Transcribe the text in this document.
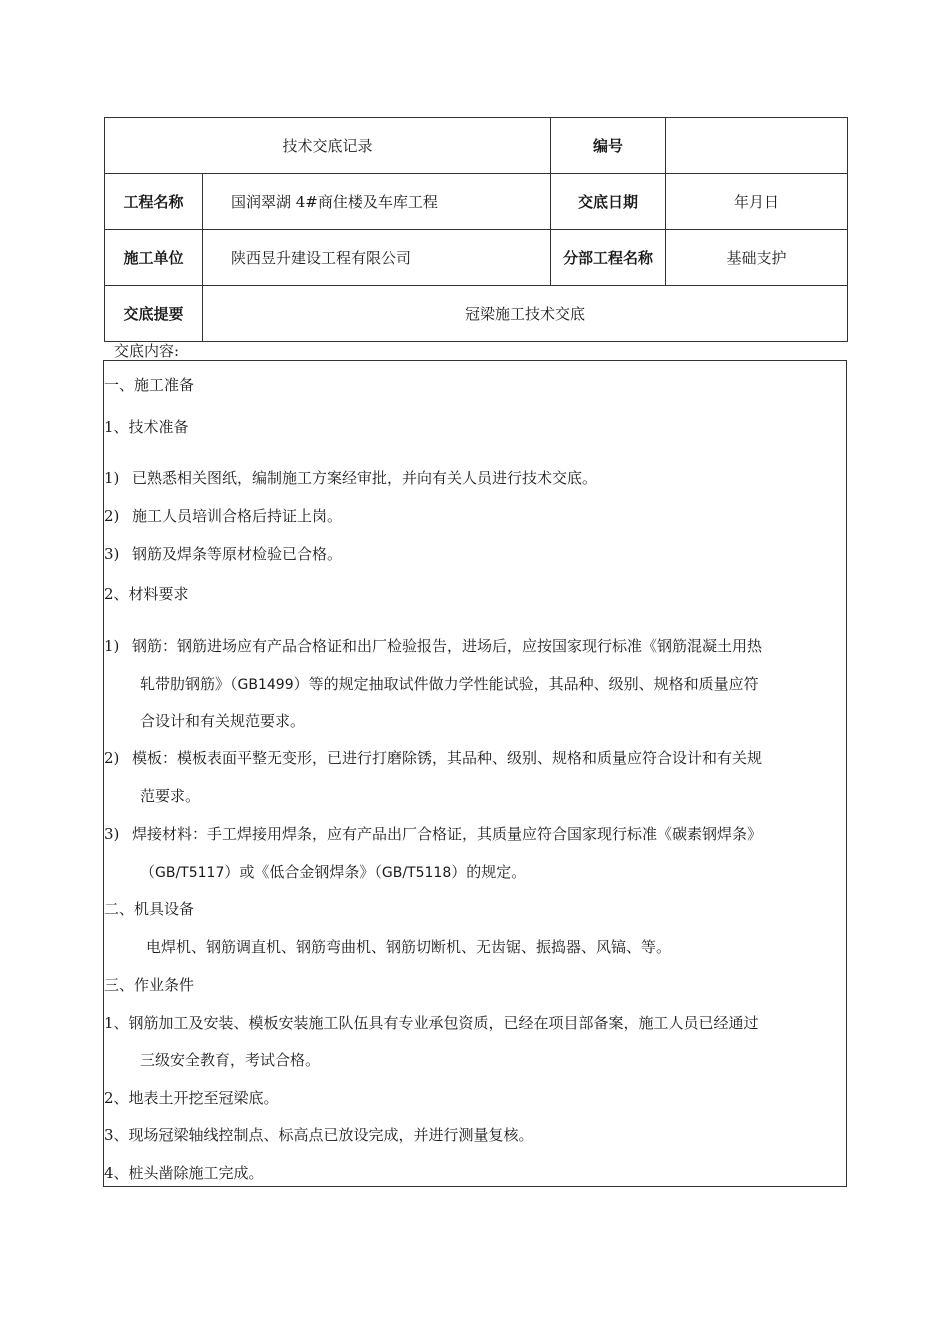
技术交底记录		编号	
工程名称	国润翠湖 4#商住楼及车库工程	交底日期	年月日
施工单位	陕西昱升建设工程有限公司	分部工程名称	基础支护
交底提要	冠梁施工技术交底		
交底内容:
一、施工准备
1、技术准备
1) 已熟悉相关图纸，编制施工方案经审批，并向有关人员进行技术交底。
2) 施工人员培训合格后持证上岗。
3) 钢筋及焊条等原材检验已合格。
2、材料要求
1) 钢筋：钢筋进场应有产品合格证和出厂检验报告，进场后，应按国家现行标准《钢筋混凝土用热
轧带肋钢筋》（GB1499）等的规定抽取试件做力学性能试验，其品种、级别、规格和质量应符
合设计和有关规范要求。
2) 模板：模板表面平整无变形，已进行打磨除锈，其品种、级别、规格和质量应符合设计和有关规
范要求。
3) 焊接材料：手工焊接用焊条，应有产品出厂合格证，其质量应符合国家现行标准《碳素钢焊条》
（GB/T5117）或《低合金钢焊条》（GB/T5118）的规定。
二、机具设备
电焊机、钢筋调直机、钢筋弯曲机、钢筋切断机、无齿锯、振捣器、风镐、等。
三、作业条件
1、钢筋加工及安装、模板安装施工队伍具有专业承包资质，已经在项目部备案，施工人员已经通过
三级安全教育，考试合格。
2、地表土开挖至冠梁底。
3、现场冠梁轴线控制点、标高点已放设完成，并进行测量复核。
4、桩头凿除施工完成。
